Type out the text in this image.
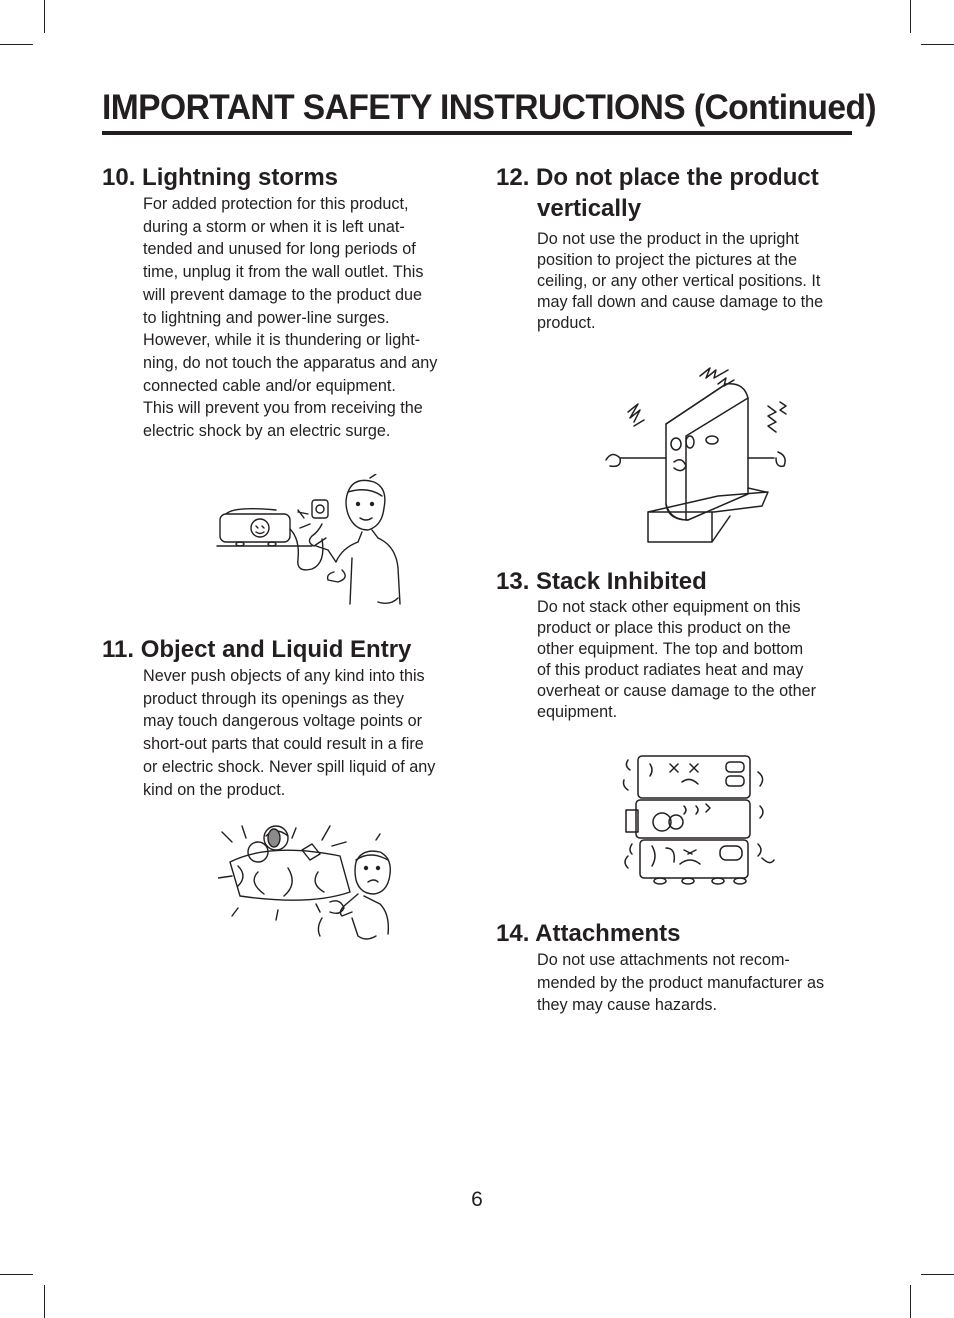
IMPORTANT SAFETY INSTRUCTIONS (Continued)
10. Lightning storms

For added protection for this product,
during a storm or when it is left unat-
tended and unused for long periods of
time, unplug it from the wall outlet. This
will prevent damage to the product due
to lightning and power-line surges.
However, while it is thundering or light-
ning, do not touch the apparatus and any
connected cable and/or equipment.
This will prevent you from receiving the
electric shock by an electric surge.

11. Object and Liquid Entry

Never push objects of any kind into this
product through its openings as they
may touch dangerous voltage points or
short-out parts that could result in a fire
or electric shock. Never spill liquid of any
kind on the product.

12. Do not place the product
vertically

Do not use the product in the upright
position to project the pictures at the
ceiling, or any other vertical positions. It
may fall down and cause damage to the
product.

13. Stack Inhibited

Do not stack other equipment on this
product or place this product on the
other equipment. The top and bottom
of this product radiates heat and may
overheat or cause damage to the other
equipment.

14. Attachments

Do not use attachments not recom-
mended by the product manufacturer as
they may cause hazards.

6
